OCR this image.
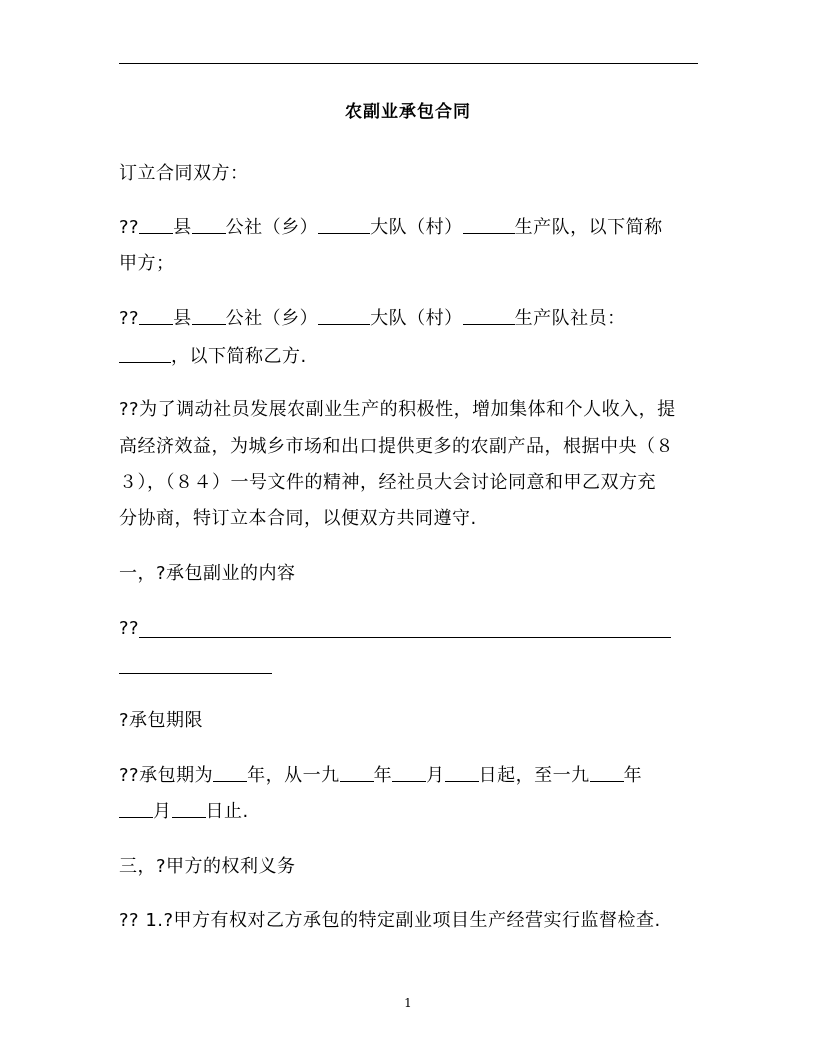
农副业承包合同
订立合同双方：
?? 县 公社（乡）	大队（村）	生产队，以下简称
甲方；
?? 县 公社（乡）	大队（村）	生产队社员：
，以下简称乙方.
??为了调动社员发展农副业生产的积极性，增加集体和个人收入，提
高经济效益，为城乡市场和出口提供更多的农副产品，根据中央（８
３），（８４）一号文件的精神，经社员大会讨论同意和甲乙双方充
分协商，特订立本合同，以便双方共同遵守.
一，?承包副业的内容
??
?承包期限
??承包期为 年，从一九 年 月 日起，至一九 年
月 日止.
三，?甲方的权利义务
?? 1.?甲方有权对乙方承包的特定副业项目生产经营实行监督检查.
1
